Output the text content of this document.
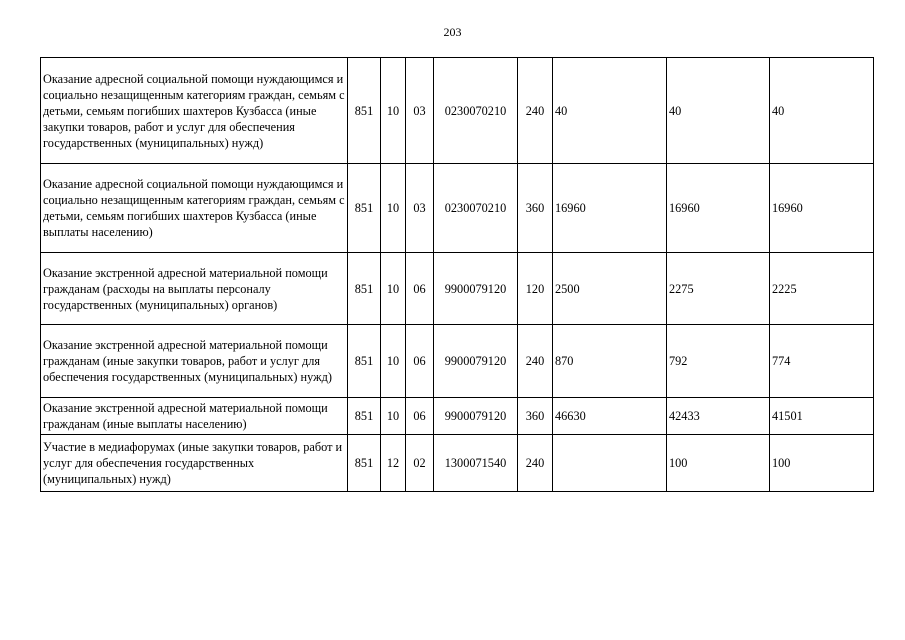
203
Оказание адресной социальной помощи нуждающимся и социально незащищенным категориям граждан, семьям с детьми, семьям погибших шахтеров Кузбасса (иные закупки товаров, работ и услуг для обеспечения государственных (муниципальных) нужд)	851	10	03	0230070210	240	40	40	40
Оказание адресной социальной помощи нуждающимся и социально незащищенным категориям граждан, семьям с детьми, семьям погибших шахтеров Кузбасса (иные выплаты населению)	851	10	03	0230070210	360	16960	16960	16960
Оказание экстренной адресной материальной помощи гражданам (расходы на выплаты персоналу государственных (муниципальных) органов)	851	10	06	9900079120	120	2500	2275	2225
Оказание экстренной адресной материальной помощи гражданам (иные закупки товаров, работ и услуг для обеспечения государственных (муниципальных) нужд)	851	10	06	9900079120	240	870	792	774
Оказание экстренной адресной материальной помощи гражданам (иные выплаты населению)	851	10	06	9900079120	360	46630	42433	41501
Участие в медиафорумах (иные закупки товаров, работ и услуг для обеспечения государственных (муниципальных) нужд)	851	12	02	1300071540	240		100	100
